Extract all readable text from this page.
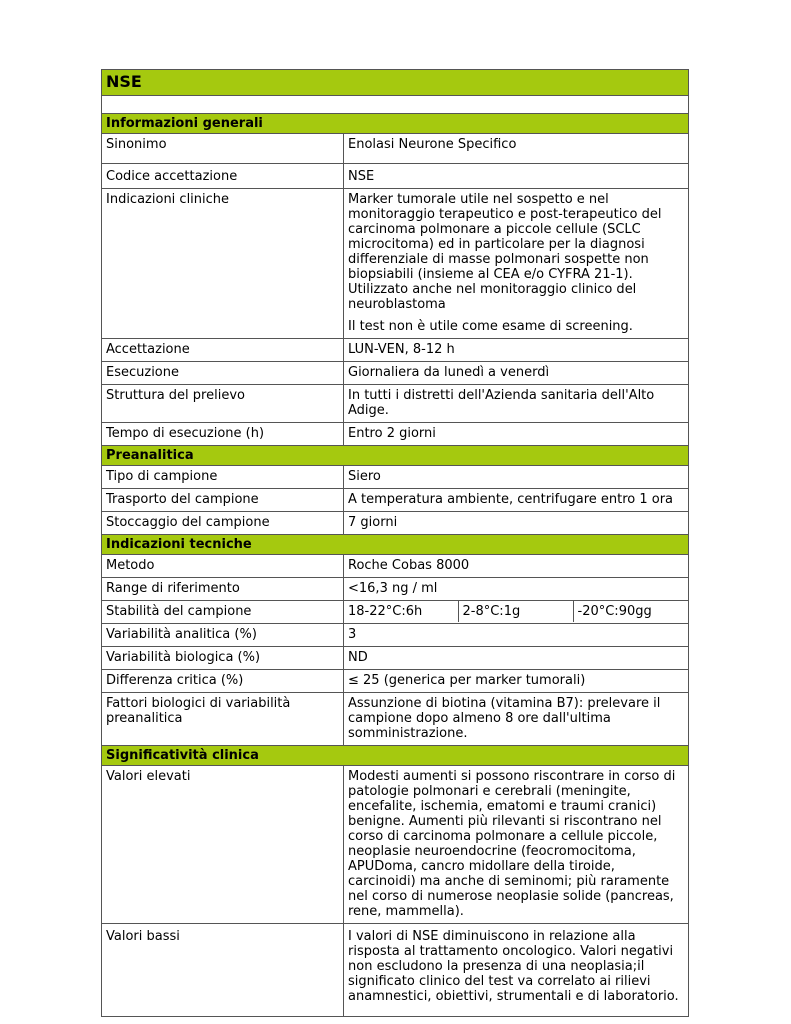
NSE

Informazioni generali
Sinonimo	Enolasi Neurone Specifico
Codice accettazione	NSE
Indicazioni cliniche	Marker tumorale utile nel sospetto e nel monitoraggio terapeutico e post-terapeutico del carcinoma polmonare a piccole cellule (SCLC microcitoma) ed in particolare per la diagnosi differenziale di masse polmonari sospette non biopsiabili (insieme al CEA e/o CYFRA 21-1). Utilizzato anche nel monitoraggio clinico del neuroblastoma

Il test non è utile come esame di screening.

Accettazione	LUN-VEN, 8-12 h
Esecuzione	Giornaliera da lunedì a venerdì
Struttura del prelievo	In tutti i distretti dell'Azienda sanitaria dell'Alto Adige.
Tempo di esecuzione (h)	Entro 2 giorni
Preanalitica
Tipo di campione	Siero
Trasporto del campione	A temperatura ambiente, centrifugare entro 1 ora
Stoccaggio del campione	7 giorni
Indicazioni tecniche
Metodo	Roche Cobas 8000
Range di riferimento	<16,3 ng / ml
Stabilità del campione		18-22°C:6h	2-8°C:1g	-20°C:90gg

Variabilità analitica (%)	3
Variabilità biologica (%)	ND
Differenza critica (%)	≤ 25 (generica per marker tumorali)
Fattori biologici di variabilità preanalitica	Assunzione di biotina (vitamina B7): prelevare il campione dopo almeno 8 ore dall'ultima somministrazione.
Significatività clinica
Valori elevati	Modesti aumenti si possono riscontrare in corso di patologie polmonari e cerebrali (meningite, encefalite, ischemia, ematomi e traumi cranici) benigne. Aumenti più rilevanti si riscontrano nel corso di carcinoma polmonare a cellule piccole, neoplasie neuroendocrine (feocromocitoma, APUDoma, cancro midollare della tiroide, carcinoidi) ma anche di seminomi; più raramente nel corso di numerose neoplasie solide (pancreas, rene, mammella).
Valori bassi	I valori di NSE diminuiscono in relazione alla risposta al trattamento oncologico. Valori negativi non escludono la presenza di una neoplasia;il significato clinico del test va correlato ai rilievi anamnestici, obiettivi, strumentali e di laboratorio.
